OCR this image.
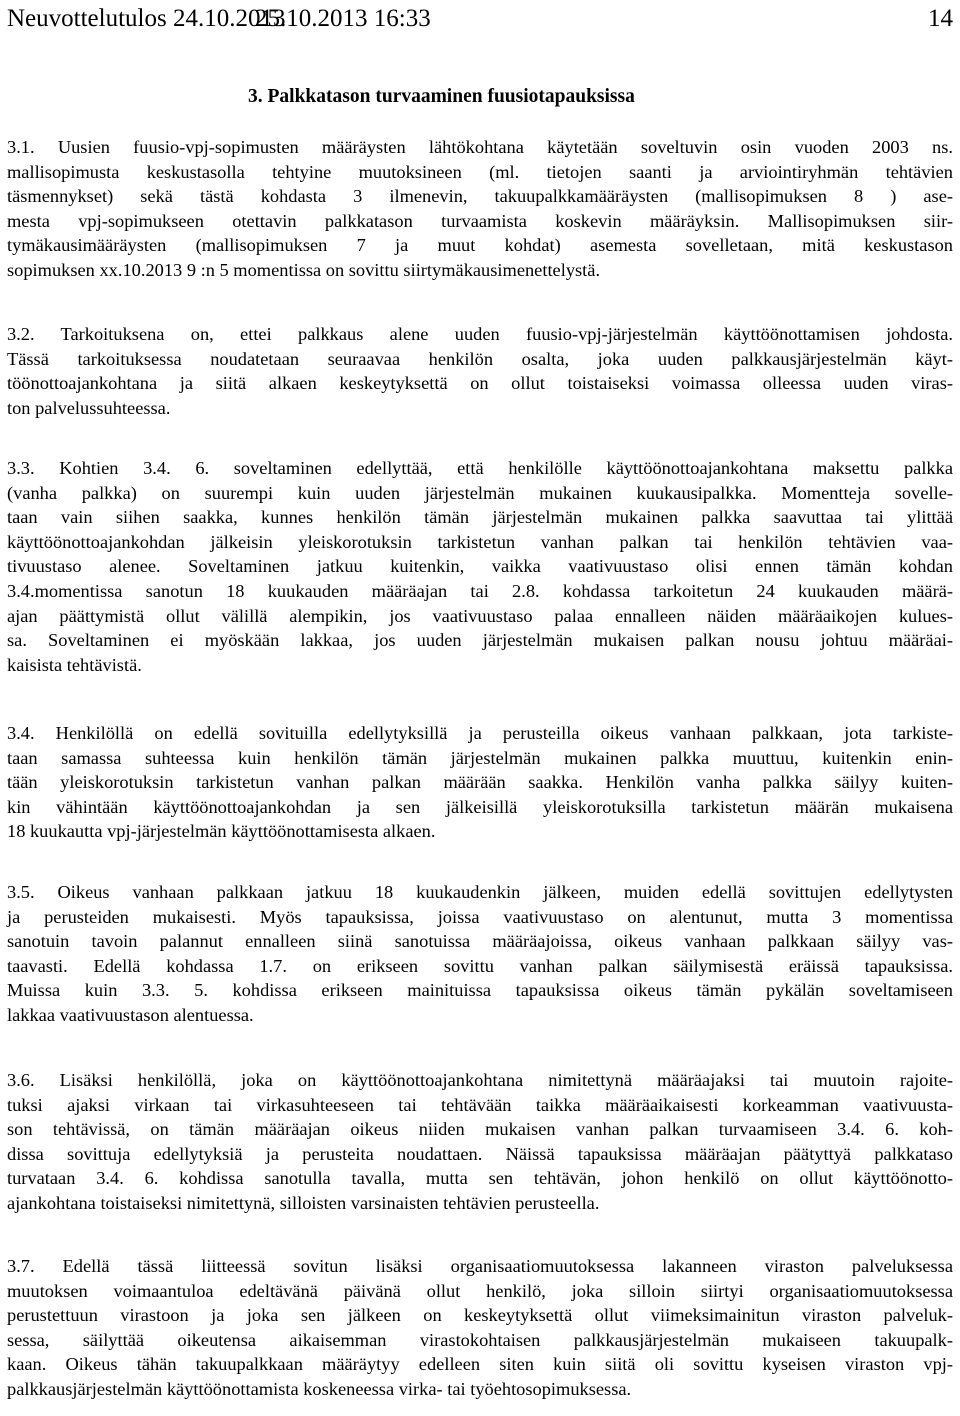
Neuvottelutulos 24.10.2013
25.10.2013 16:33	14
3. Palkkatason turvaaminen fuusiotapauksissa
3.1. Uusien fuusio-vpj-sopimusten määräysten lähtökohtana käytetään soveltuvin osin vuoden 2003 ns.
mallisopimusta keskustasolla tehtyine muutoksineen (ml. tietojen saanti ja arviointiryhmän tehtävien
täsmennykset) sekä tästä kohdasta 3 ilmenevin, takuupalkkamääräysten (mallisopimuksen 8 ) ase-
mesta vpj-sopimukseen otettavin palkkatason turvaamista koskevin määräyksin. Mallisopimuksen siir-
tymäkausimääräysten (mallisopimuksen 7 ja muut kohdat) asemesta sovelletaan, mitä keskustason
sopimuksen xx.10.2013 9 :n 5 momentissa on sovittu siirtymäkausimenettelystä.
3.2. Tarkoituksena on, ettei palkkaus alene uuden fuusio-vpj-järjestelmän käyttöönottamisen johdosta.
Tässä tarkoituksessa noudatetaan seuraavaa henkilön osalta, joka uuden palkkausjärjestelmän käyt-
töönottoajankohtana ja siitä alkaen keskeytyksettä on ollut toistaiseksi voimassa olleessa uuden viras-
ton palvelussuhteessa.
3.3. Kohtien 3.4. 6. soveltaminen edellyttää, että henkilölle käyttöönottoajankohtana maksettu palkka
(vanha palkka) on suurempi kuin uuden järjestelmän mukainen kuukausipalkka. Momentteja sovelle-
taan vain siihen saakka, kunnes henkilön tämän järjestelmän mukainen palkka saavuttaa tai ylittää
käyttöönottoajankohdan jälkeisin yleiskorotuksin tarkistetun vanhan palkan tai henkilön tehtävien vaa-
tivuustaso alenee. Soveltaminen jatkuu kuitenkin, vaikka vaativuustaso olisi ennen tämän kohdan
3.4.momentissa sanotun 18 kuukauden määräajan tai 2.8. kohdassa tarkoitetun 24 kuukauden määrä-
ajan päättymistä ollut välillä alempikin, jos vaativuustaso palaa ennalleen näiden määräaikojen kulues-
sa. Soveltaminen ei myöskään lakkaa, jos uuden järjestelmän mukaisen palkan nousu johtuu määräai-
kaisista tehtävistä.
3.4. Henkilöllä on edellä sovituilla edellytyksillä ja perusteilla oikeus vanhaan palkkaan, jota tarkiste-
taan samassa suhteessa kuin henkilön tämän järjestelmän mukainen palkka muuttuu, kuitenkin enin-
tään yleiskorotuksin tarkistetun vanhan palkan määrään saakka. Henkilön vanha palkka säilyy kuiten-
kin vähintään käyttöönottoajankohdan ja sen jälkeisillä yleiskorotuksilla tarkistetun määrän mukaisena
18 kuukautta vpj-järjestelmän käyttöönottamisesta alkaen.
3.5. Oikeus vanhaan palkkaan jatkuu 18 kuukaudenkin jälkeen, muiden edellä sovittujen edellytysten
ja perusteiden mukaisesti. Myös tapauksissa, joissa vaativuustaso on alentunut, mutta 3 momentissa
sanotuin tavoin palannut ennalleen siinä sanotuissa määräajoissa, oikeus vanhaan palkkaan säilyy vas-
taavasti. Edellä kohdassa 1.7. on erikseen sovittu vanhan palkan säilymisestä eräissä tapauksissa.
Muissa kuin 3.3. 5. kohdissa erikseen mainituissa tapauksissa oikeus tämän pykälän soveltamiseen
lakkaa vaativuustason alentuessa.
3.6. Lisäksi henkilöllä, joka on käyttöönottoajankohtana nimitettynä määräajaksi tai muutoin rajoite-
tuksi ajaksi virkaan tai virkasuhteeseen tai tehtävään taikka määräaikaisesti korkeamman vaativuusta-
son tehtävissä, on tämän määräajan oikeus niiden mukaisen vanhan palkan turvaamiseen 3.4. 6. koh-
dissa sovittuja edellytyksiä ja perusteita noudattaen. Näissä tapauksissa määräajan päätyttyä palkkataso
turvataan 3.4. 6. kohdissa sanotulla tavalla, mutta sen tehtävän, johon henkilö on ollut käyttöönotto-
ajankohtana toistaiseksi nimitettynä, silloisten varsinaisten tehtävien perusteella.
3.7. Edellä tässä liitteessä sovitun lisäksi organisaatiomuutoksessa lakanneen viraston palveluksessa
muutoksen voimaantuloa edeltävänä päivänä ollut henkilö, joka silloin siirtyi organisaatiomuutoksessa
perustettuun virastoon ja joka sen jälkeen on keskeytyksettä ollut viimeksimainitun viraston palveluk-
sessa, säilyttää oikeutensa aikaisemman virastokohtaisen palkkausjärjestelmän mukaiseen takuupalk-
kaan. Oikeus tähän takuupalkkaan määräytyy edelleen siten kuin siitä oli sovittu kyseisen viraston vpj-
palkkausjärjestelmän käyttöönottamista koskeneessa virka- tai työehtosopimuksessa.
